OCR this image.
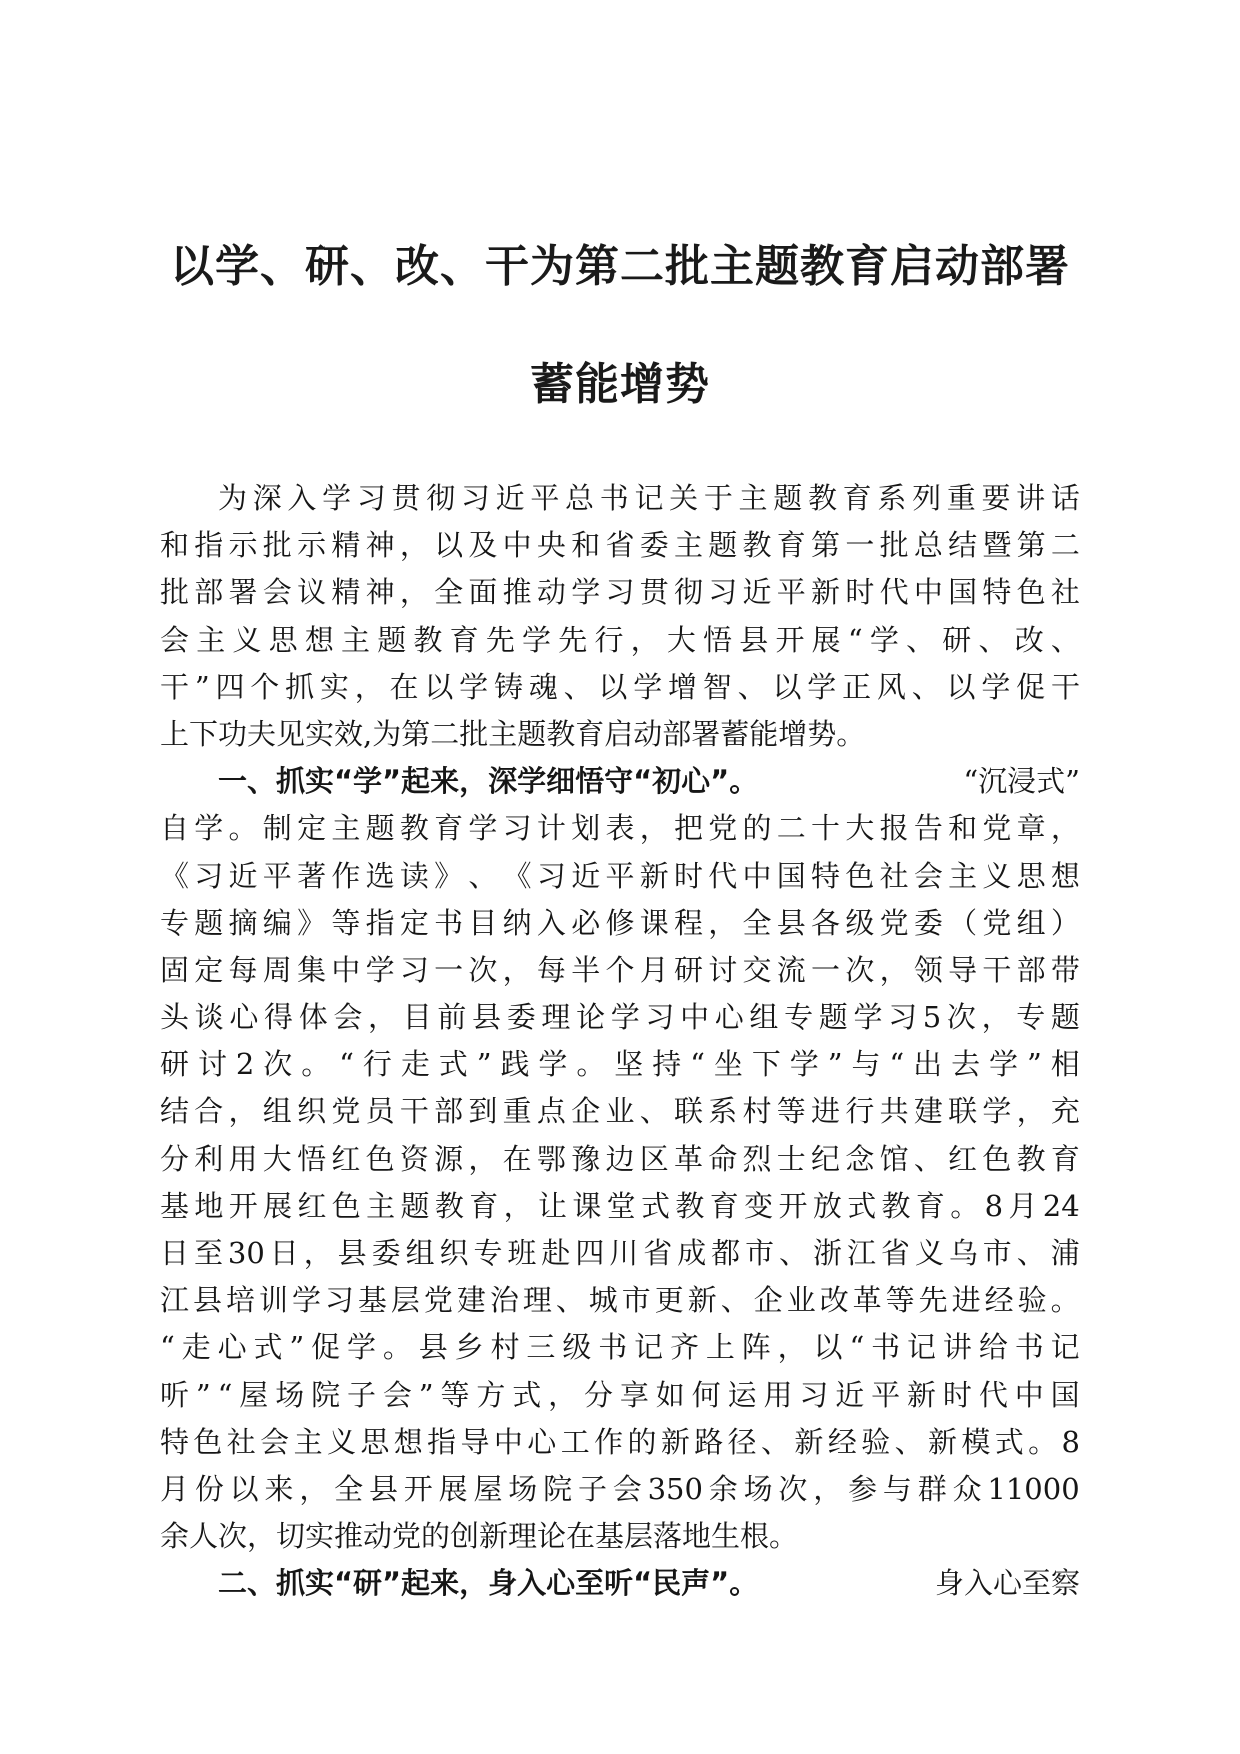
以学、研、改、干为第二批主题教育启动部署
蓄能增势
为 深 入 学 习 贯 彻 习 近 平 总 书 记 关 于 主 题 教 育 系 列 重 要 讲 话
和 指 示 批 示 精 神 ， 以 及 中 央 和 省 委 主 题 教 育 第 一 批 总 结 暨 第 二
批 部 署 会 议 精 神 ， 全 面 推 动 学 习 贯 彻 习 近 平 新 时 代 中 国 特 色 社
会 主 义 思 想 主 题 教 育 先 学 先 行 ， 大 悟 县 开 展 “ 学 、 研 、 改 、
干 ” 四 个 抓 实 ， 在 以 学 铸 魂 、 以 学 增 智 、 以 学 正 风 、 以 学 促 干
上下功夫见实效,为第二批主题教育启动部署蓄能增势。
一、抓实“学”起来，深学细悟守“初心”。	“沉浸式”
自 学 。 制 定 主 题 教 育 学 习 计 划 表 ， 把 党 的 二 十 大 报 告 和 党 章 ，
《 习 近 平 著 作 选 读 》 、 《 习 近 平 新 时 代 中 国 特 色 社 会 主 义 思 想
专 题 摘 编 》 等 指 定 书 目 纳 入 必 修 课 程 ， 全 县 各 级 党 委 （ 党 组 ）
固 定 每 周 集 中 学 习 一 次 ， 每 半 个 月 研 讨 交 流 一 次 ， 领 导 干 部 带
头 谈 心 得 体 会 ， 目 前 县 委 理 论 学 习 中 心 组 专 题 学 习 5 次 ， 专 题
研 讨 2 次 。 “ 行 走 式 ” 践 学 。 坚 持 “ 坐 下 学 ” 与 “ 出 去 学 ” 相
结 合 ， 组 织 党 员 干 部 到 重 点 企 业 、 联 系 村 等 进 行 共 建 联 学 ， 充
分 利 用 大 悟 红 色 资 源 ， 在 鄂 豫 边 区 革 命 烈 士 纪 念 馆 、 红 色 教 育
基 地 开 展 红 色 主 题 教 育 ， 让 课 堂 式 教 育 变 开 放 式 教 育 。 8 月 24
日 至 30 日 ， 县 委 组 织 专 班 赴 四 川 省 成 都 市 、 浙 江 省 义 乌 市 、 浦
江 县 培 训 学 习 基 层 党 建 治 理 、 城 市 更 新 、 企 业 改 革 等 先 进 经 验 。
“ 走 心 式 ” 促 学 。 县 乡 村 三 级 书 记 齐 上 阵 ， 以 “ 书 记 讲 给 书 记
听 ” “ 屋 场 院 子 会 ” 等 方 式 ， 分 享 如 何 运 用 习 近 平 新 时 代 中 国
特 色 社 会 主 义 思 想 指 导 中 心 工 作 的 新 路 径 、 新 经 验 、 新 模 式 。 8
月 份 以 来 ， 全 县 开 展 屋 场 院 子 会 350 余 场 次 ， 参 与 群 众 11000
余人次，切实推动党的创新理论在基层落地生根。
二、抓实“研”起来，身入心至听“民声”。	身入心至察
